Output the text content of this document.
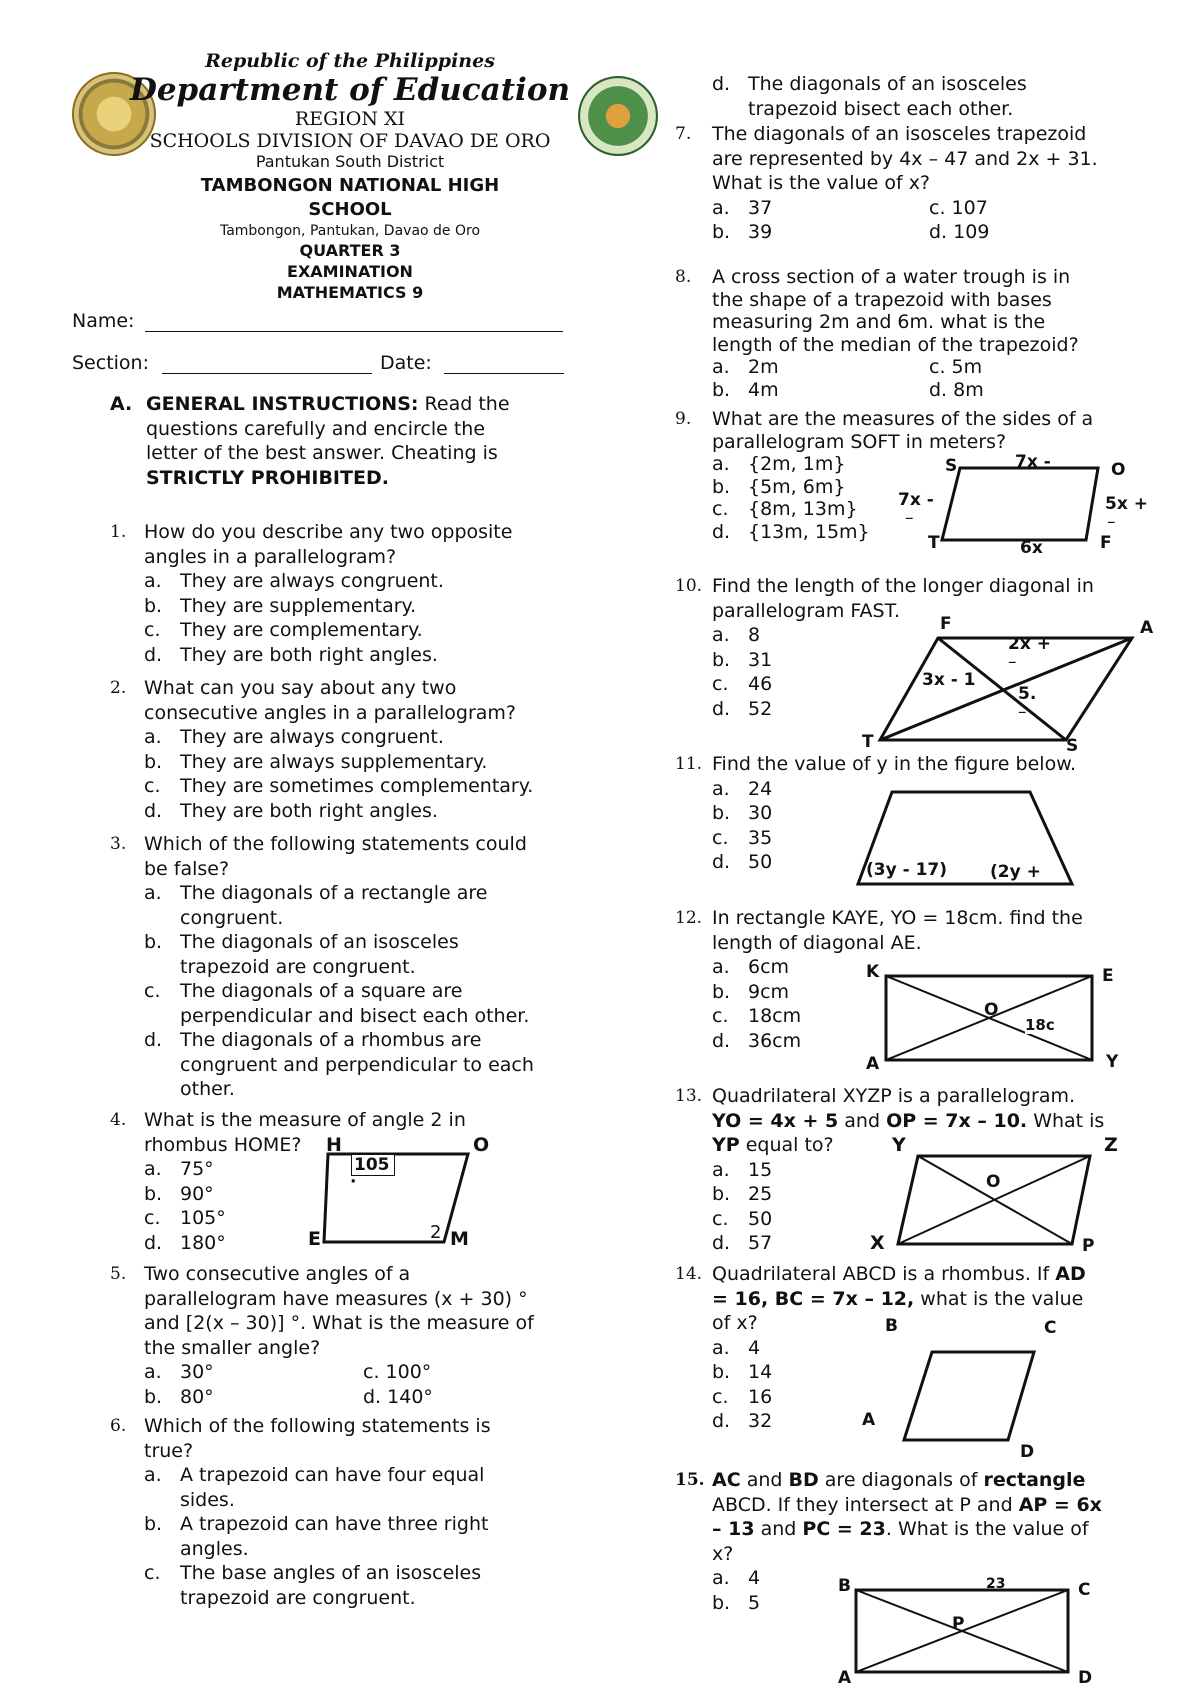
Republic of the Philippines
Department of Education
REGION XI
SCHOOLS DIVISION OF DAVAO DE ORO
Pantukan South District
TAMBONGON NATIONAL HIGH
SCHOOL
Tambongon, Pantukan, Davao de Oro
QUARTER 3
EXAMINATION
MATHEMATICS 9
Name:
Section:	Date:
A. GENERAL INSTRUCTIONS: Read the
questions carefully and encircle the
letter of the best answer. Cheating is
STRICTLY PROHIBITED.
1. How do you describe any two opposite
angles in a parallelogram?
a. They are always congruent.
b. They are supplementary.
c. They are complementary.
d. They are both right angles.
2. What can you say about any two
consecutive angles in a parallelogram?
a. They are always congruent.
b. They are always supplementary.
c. They are sometimes complementary.
d. They are both right angles.
3. Which of the following statements could
be false?
a. The diagonals of a rectangle are
congruent.
b. The diagonals of an isosceles
trapezoid are congruent.
c. The diagonals of a square are
perpendicular and bisect each other.
d. The diagonals of a rhombus are
congruent and perpendicular to each
other.
4. What is the measure of angle 2 in
rhombus HOME?
a. 75°
b. 90°
c. 105°
d. 180°
H	O
E	M
105
·
2
5. Two consecutive angles of a
parallelogram have measures (x + 30) °
and [2(x – 30)] °. What is the measure of
the smaller angle?
a. 30°
b. 80°
c. 100°
d. 140°
6. Which of the following statements is
true?
a. A trapezoid can have four equal
sides.
b. A trapezoid can have three right
angles.
c. The base angles of an isosceles
trapezoid are congruent.
d. The diagonals of an isosceles
trapezoid bisect each other.
7. The diagonals of an isosceles trapezoid
are represented by 4x – 47 and 2x + 31.
What is the value of x?
a. 37
b. 39
c. 107
d. 109
8. A cross section of a water trough is in
the shape of a trapezoid with bases
measuring 2m and 6m. what is the
length of the median of the trapezoid?
a. 2m
b. 4m
c. 5m
d. 8m
9. What are the measures of the sides of a
parallelogram SOFT in meters?
a. {2m, 1m}
b. {5m, 6m}
c. {8m, 13m}
d. {13m, 15m}
S	7x -	O
7x -	5x +
–	–
T	6x	F
10. Find the length of the longer diagonal in
parallelogram FAST.
a. 8
b. 31
c. 46
d. 52
F	A
2x +
–
3x - 1
5.
–
T	S
11. Find the value of y in the figure below.
a. 24
b. 30
c. 35
d. 50	(3y - 17)	(2y +
12. In rectangle KAYE, YO = 18cm. find the
length of diagonal AE.
a. 6cm
b. 9cm
c. 18cm
d. 36cm
K	E
O
18c
A	Y
13. Quadrilateral XYZP is a parallelogram.
YO = 4x + 5 and OP = 7x – 10. What is
YP equal to?
a. 15
b. 25
c. 50
d. 57
Y	Z
O
X	P
14. Quadrilateral ABCD is a rhombus. If AD
= 16, BC = 7x – 12, what is the value
of x?
a. 4
b. 14
c. 16
d. 32
B	C
A
D
15. AC and BD are diagonals of rectangle
ABCD. If they intersect at P and AP = 6x
– 13 and PC = 23. What is the value of
x?
a. 4
b. 5
B	23	C
P
A	D
